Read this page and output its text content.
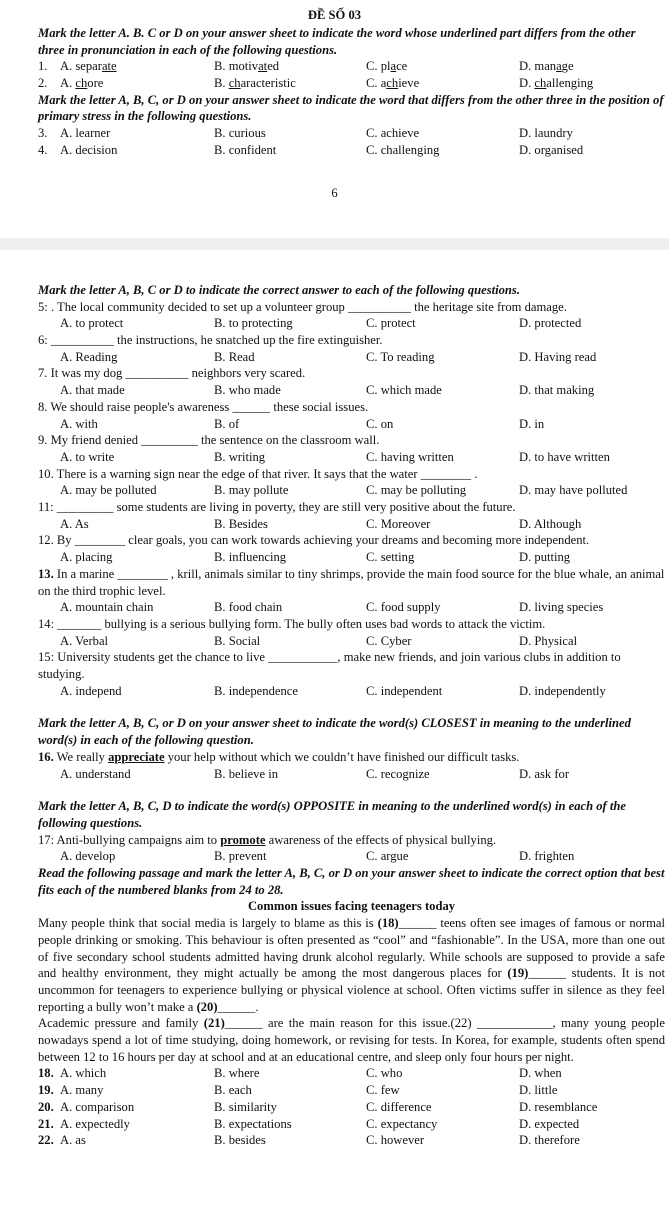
ĐỀ SỐ 03
Mark the letter A. B. C or D on your answer sheet to indicate the word whose underlined part differs from the other three in pronunciation in each of the following questions.
1. A. separate	B. motivated	C. place	D. manage
2. A. chore	B. characteristic	C. achieve	D. challenging
Mark the letter A, B, C, or D on your answer sheet to indicate the word that differs from the other three in the position of primary stress in the following questions.
3. A. learner	B. curious	C. achieve	D. laundry
4. A. decision	B. confident	C. challenging	D. organised
6
Mark the letter A, B, C or D to indicate the correct answer to each of the following questions.
5: . The local community decided to set up a volunteer group __________ the heritage site from damage.
A. to protect	B. to protecting	C. protect	D. protected
6: __________ the instructions, he snatched up the fire extinguisher.
A. Reading	B. Read	C. To reading	D. Having read
7. It was my dog __________ neighbors very scared.
A. that made	B. who made	C. which made	D. that making
8. We should raise people's awareness ______ these social issues.
A. with	B. of	C. on	D. in
9. My friend denied _________ the sentence on the classroom wall.
A. to write	B. writing	C. having written	D. to have written
10. There is a warning sign near the edge of that river. It says that the water ________ .
A. may be polluted	B. may pollute	C. may be polluting	D. may have polluted
11: _________ some students are living in poverty, they are still very positive about the future.
A. As	B. Besides	C. Moreover	D. Although
12. By ________ clear goals, you can work towards achieving your dreams and becoming more independent.
A. placing	B. influencing	C. setting	D. putting
13. In a marine ________ , krill, animals similar to tiny shrimps, provide the main food source for the blue whale, an animal on the third trophic level.
A. mountain chain	B. food chain	C. food supply	D. living species
14: _______ bullying is a serious bullying form. The bully often uses bad words to attack the victim.
A. Verbal	B. Social	C. Cyber	D. Physical
15: University students get the chance to live ___________, make new friends, and join various clubs in addition to studying.
A. independ	B. independence	C. independent	D. independently
Mark the letter A, B, C, or D on your answer sheet to indicate the word(s) CLOSEST in meaning to the underlined word(s) in each of the following question.
16. We really appreciate your help without which we couldn’t have finished our difficult tasks.
A. understand	B. believe in	C. recognize	D. ask for
Mark the letter A, B, C, D to indicate the word(s) OPPOSITE in meaning to the underlined word(s) in each of the following questions.
17: Anti-bullying campaigns aim to promote awareness of the effects of physical bullying.
A. develop	B. prevent	C. argue	D. frighten
Read the following passage and mark the letter A, B, C, or D on your answer sheet to indicate the correct option that best fits each of the numbered blanks from 24 to 28.
Common issues facing teenagers today
Many people think that social media is largely to blame as this is (18)______ teens often see images of famous or normal people drinking or smoking. This behaviour is often presented as “cool” and “fashionable”. In the USA, more than one out of five secondary school students admitted having drunk alcohol regularly. While schools are supposed to provide a safe and healthy environment, they might actually be among the most dangerous places for (19)______ students. It is not uncommon for teenagers to experience bullying or physical violence at school. Often victims suffer in silence as they feel reporting a bully won’t make a (20)______.
Academic pressure and family (21)______ are the main reason for this issue.(22) ____________, many young people nowadays spend a lot of time studying, doing homework, or revising for tests. In Korea, for example, students often spend between 12 to 16 hours per day at school and at an educational centre, and sleep only four hours per night.
18. A. which	B. where	C. who	D. when
19. A. many	B. each	C. few	D. little
20. A. comparison	B. similarity	C. difference	D. resemblance
21. A. expectedly	B. expectations	C. expectancy	D. expected
22. A. as	B. besides	C. however	D. therefore
